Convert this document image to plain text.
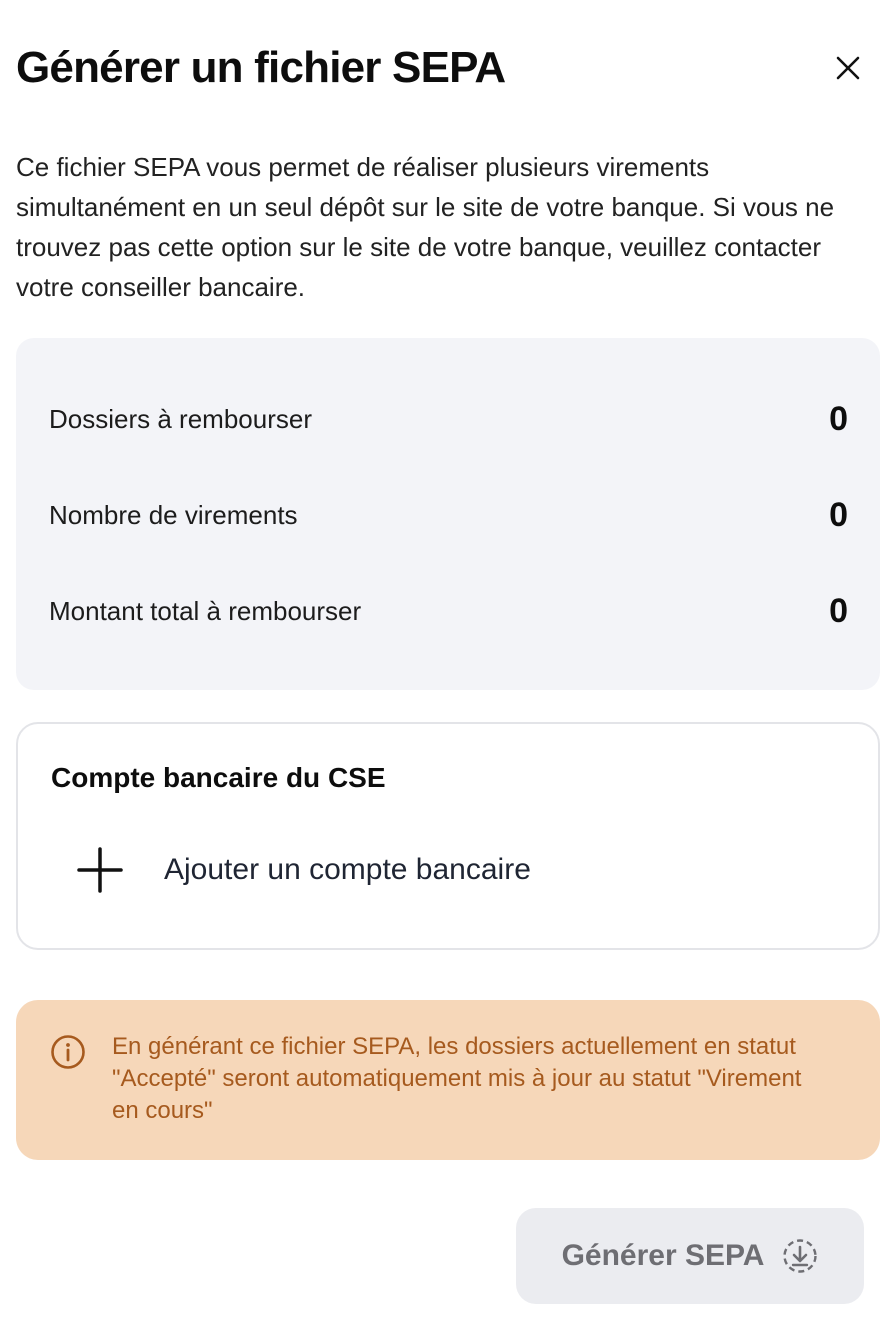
Générer un fichier SEPA

Ce fichier SEPA vous permet de réaliser plusieurs virements simultanément en un seul dépôt sur le site de votre banque. Si vous ne trouvez pas cette option sur le site de votre banque, veuillez contacter votre conseiller bancaire.

Dossiers à rembourser	0
Nombre de virements	0
Montant total à rembourser	0
Compte bancaire du CSE
Ajouter un compte bancaire

En générant ce fichier SEPA, les dossiers actuellement en statut "Accepté" seront automatiquement mis à jour au statut "Virement en cours"

Générer SEPA
